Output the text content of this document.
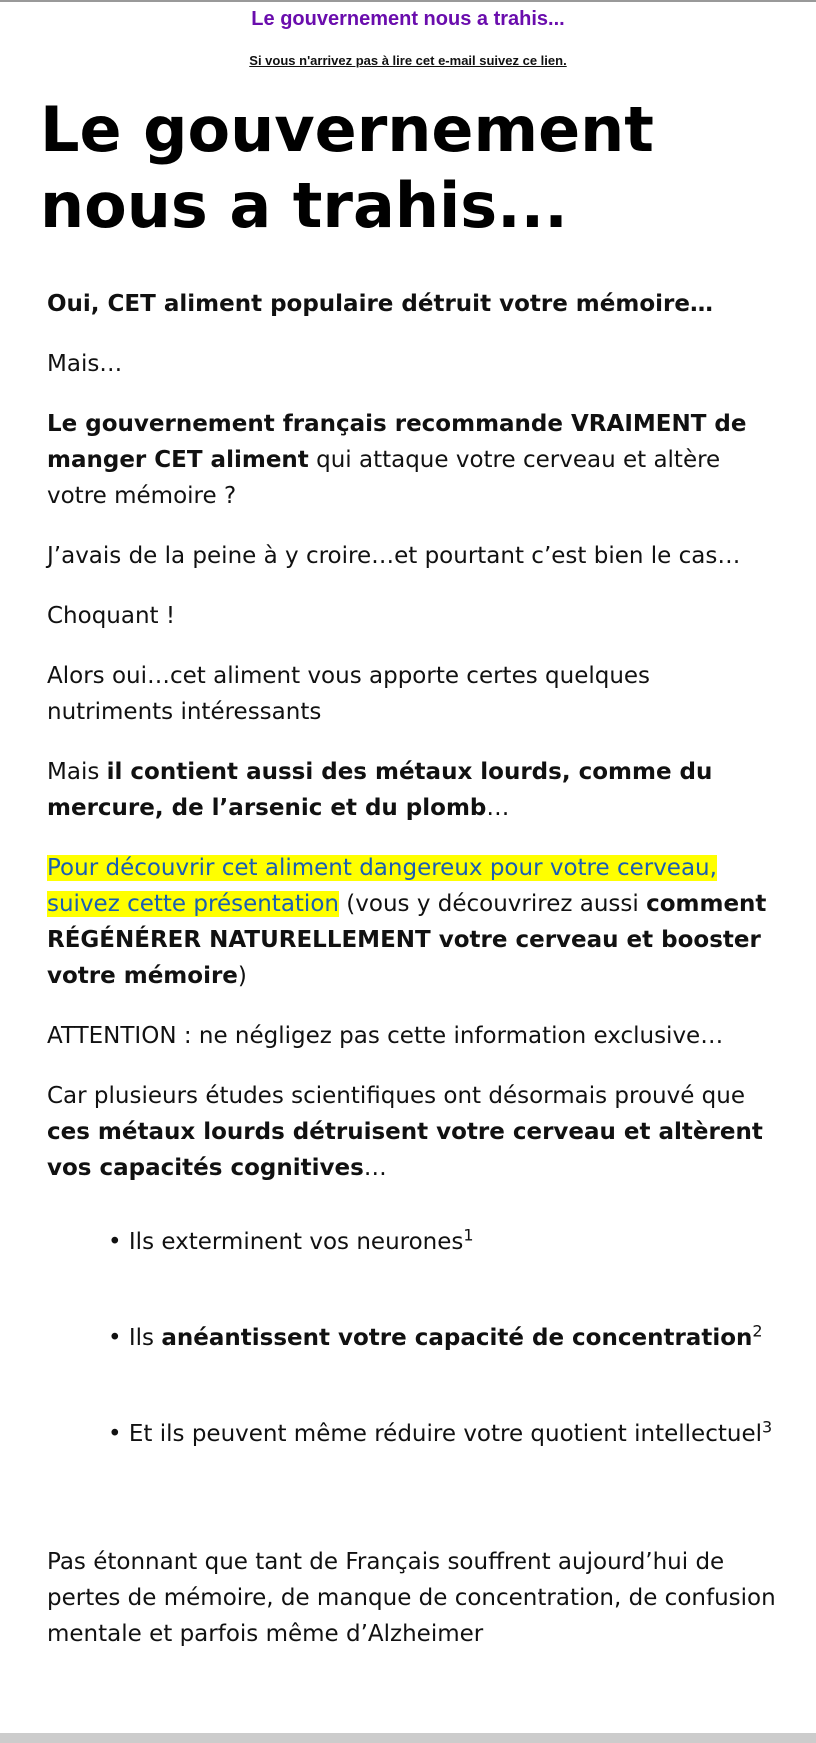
Le gouvernement nous a trahis...
Si vous n'arrivez pas à lire cet e-mail suivez ce lien.
Le gouvernement nous a trahis...

Oui, CET aliment populaire détruit votre mémoire…

Mais…

Le gouvernement français recommande VRAIMENT de manger CET aliment qui attaque votre cerveau et altère votre mémoire ?

J’avais de la peine à y croire…et pourtant c’est bien le cas…

Choquant !

Alors oui…cet aliment vous apporte certes quelques nutriments intéressants

Mais il contient aussi des métaux lourds, comme du mercure, de l’arsenic et du plomb…

Pour découvrir cet aliment dangereux pour votre cerveau, suivez cette présentation (vous y découvrirez aussi comment RÉGÉNÉRER NATURELLEMENT votre cerveau et booster votre mémoire)

ATTENTION : ne négligez pas cette information exclusive…

Car plusieurs études scientifiques ont désormais prouvé que ces métaux lourds détruisent votre cerveau et altèrent vos capacités cognitives…

• Ils exterminent vos neurones$^1$

• Ils anéantissent votre capacité de concentration$^2$

• Et ils peuvent même réduire votre quotient intellectuel$^3$

Pas étonnant que tant de Français souffrent aujourd’hui de pertes de mémoire, de manque de concentration, de confusion mentale et parfois même d’Alzheimer
